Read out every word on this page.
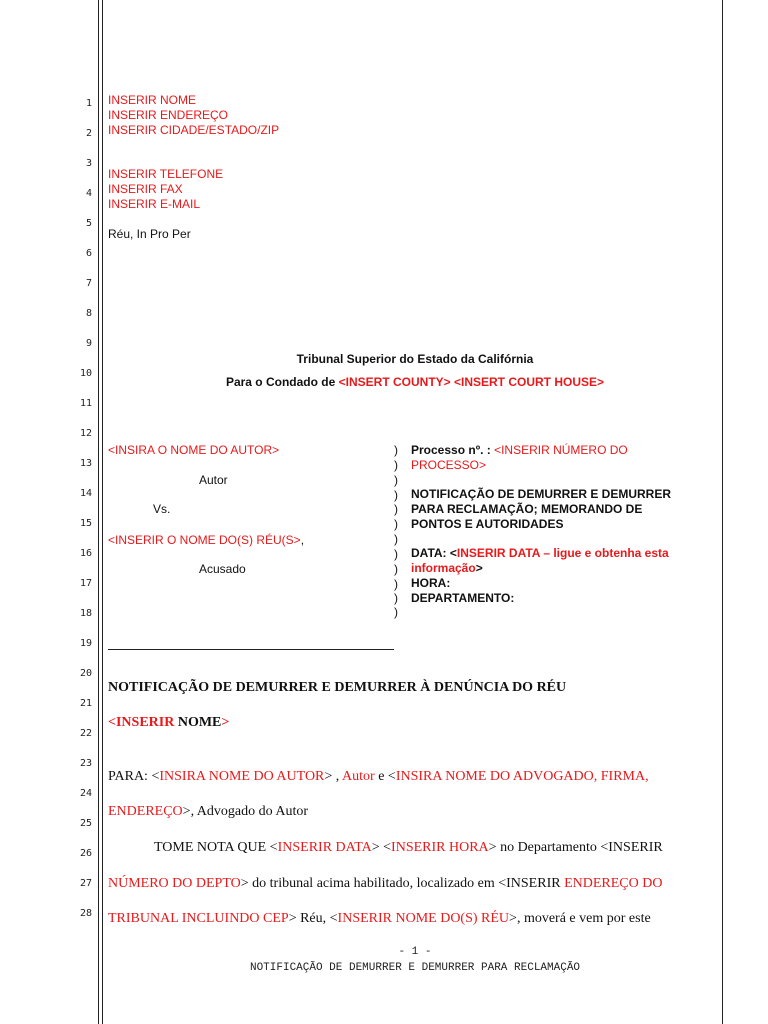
1
2
3
4
5
6
7
8
9
10
11
12
13
14
15
16
17
18
19
20
21
22
23
24
25
26
27
28
INSERIR NOME
INSERIR ENDEREÇO
INSERIR CIDADE/ESTADO/ZIP
INSERIR TELEFONE
INSERIR FAX
INSERIR E-MAIL
Réu, In Pro Per
Tribunal Superior do Estado da Califórnia
Para o Condado de <INSERT COUNTY> <INSERT COURT HOUSE>
<INSIRA O NOME DO AUTOR>
Autor
Vs.
<INSERIR O NOME DO(S) RÉU(S>,
Acusado
)
)
)
)
)
)
)
)
)
)
)
)
Processo nº. : <INSERIR NÚMERO DO
PROCESSO>
NOTIFICAÇÃO DE DEMURRER E DEMURRER
PARA RECLAMAÇÃO; MEMORANDO DE
PONTOS E AUTORIDADES
DATA: <INSERIR DATA – ligue e obtenha esta
informação>
HORA:
DEPARTAMENTO:
NOTIFICAÇÃO DE DEMURRER E DEMURRER À DENÚNCIA DO RÉU
<INSERIR NOME>
PARA: <INSIRA NOME DO AUTOR> , Autor e <INSIRA NOME DO ADVOGADO, FIRMA,
ENDEREÇO>, Advogado do Autor
TOME NOTA QUE <INSERIR DATA> <INSERIR HORA> no Departamento <INSERIR
NÚMERO DO DEPTO> do tribunal acima habilitado, localizado em <INSERIR ENDEREÇO DO
TRIBUNAL INCLUINDO CEP> Réu, <INSERIR NOME DO(S) RÉU>, moverá e vem por este
- 1 -
NOTIFICAÇÃO DE DEMURRER E DEMURRER PARA RECLAMAÇÃO
